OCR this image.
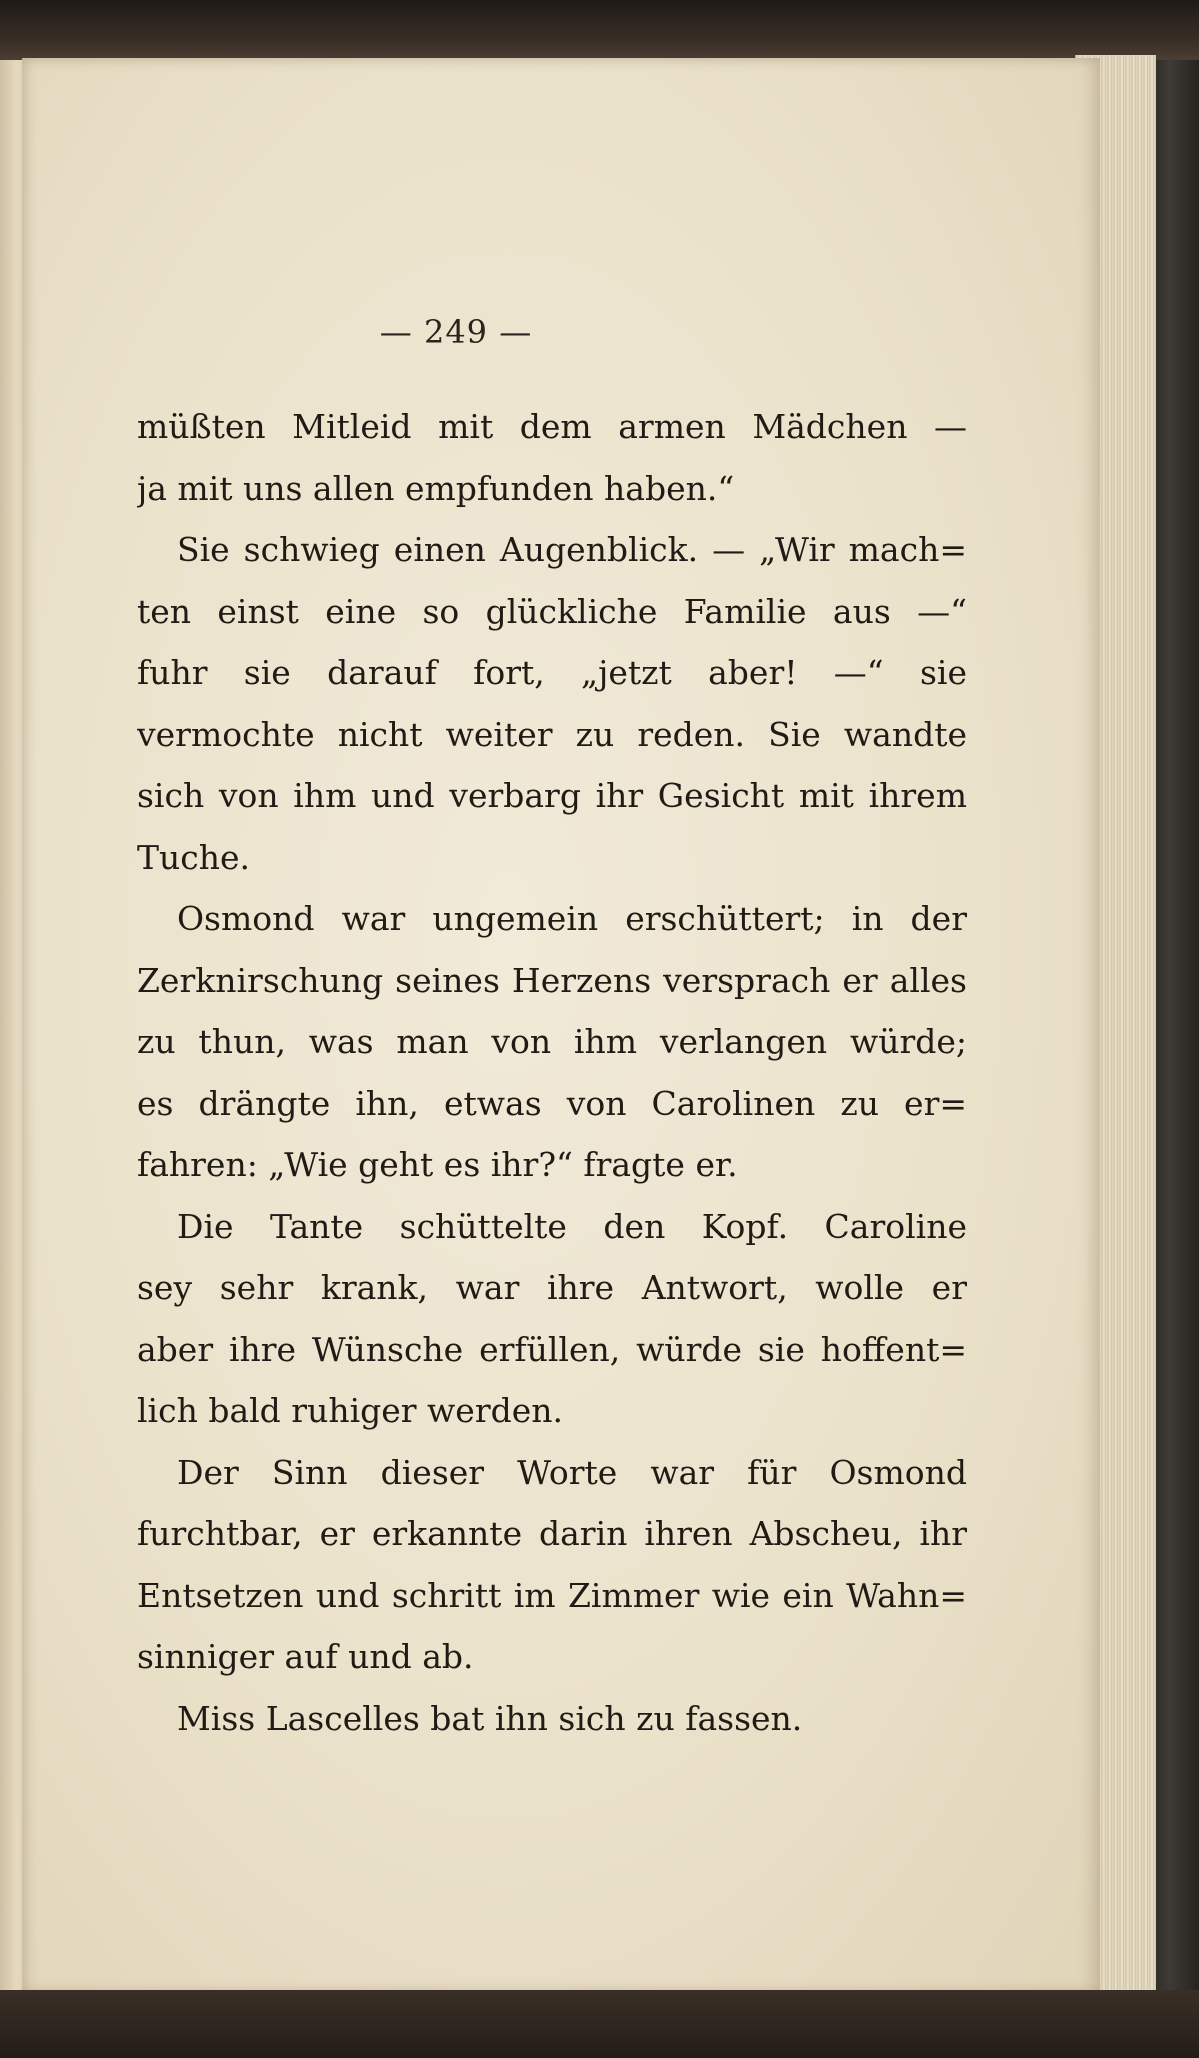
— 249 —
müßten Mitleid mit dem armen Mädchen —
ja mit uns allen empfunden haben.“
Sie schwieg einen Augenblick. — „Wir mach=
ten einst eine so glückliche Familie aus —“
fuhr sie darauf fort, „jetzt aber! —“ sie
vermochte nicht weiter zu reden. Sie wandte
sich von ihm und verbarg ihr Gesicht mit ihrem
Tuche.
Osmond war ungemein erschüttert; in der
Zerknirschung seines Herzens versprach er alles
zu thun, was man von ihm verlangen würde;
es drängte ihn, etwas von Carolinen zu er=
fahren: „Wie geht es ihr?“ fragte er.
Die Tante schüttelte den Kopf. Caroline
sey sehr krank, war ihre Antwort, wolle er
aber ihre Wünsche erfüllen, würde sie hoffent=
lich bald ruhiger werden.
Der Sinn dieser Worte war für Osmond
furchtbar, er erkannte darin ihren Abscheu, ihr
Entsetzen und schritt im Zimmer wie ein Wahn=
sinniger auf und ab.
Miss Lascelles bat ihn sich zu fassen.
